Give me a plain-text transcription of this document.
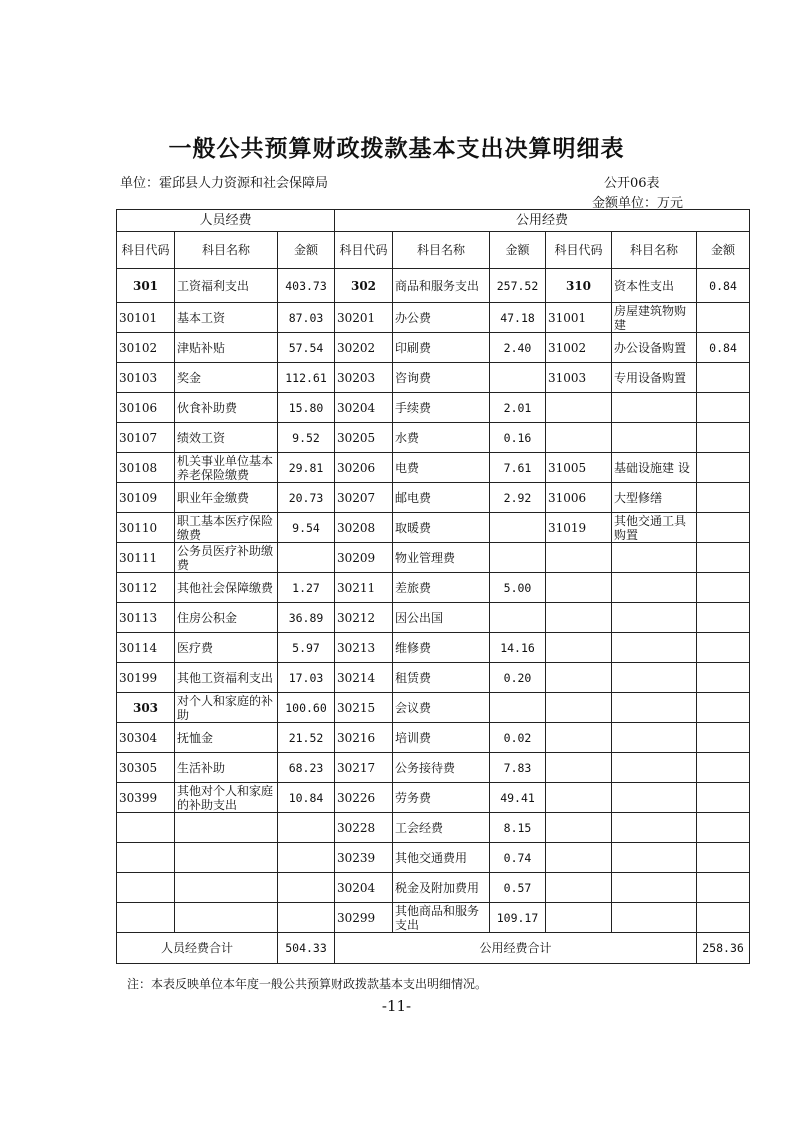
一般公共预算财政拨款基本支出决算明细表
单位：霍邱县人力资源和社会保障局	公开06表
金额单位：万元
人员经费			公用经费					
科目代码	科目名称	金额	科目代码	科目名称	金额	科目代码	科目名称	金额
301	工资福利支出	403.73	302	商品和服务支出	257.52	310	资本性支出	0.84
30101	基本工资	87.03	30201	办公费	47.18	31001	房屋建筑物购建	
30102	津贴补贴	57.54	30202	印刷费	2.40	31002	办公设备购置	0.84
30103	奖金	112.61	30203	咨询费		31003	专用设备购置	
30106	伙食补助费	15.80	30204	手续费	2.01			
30107	绩效工资	9.52	30205	水费	0.16			
30108	机关事业单位基本养老保险缴费	29.81	30206	电费	7.61	31005	基础设施建 设	
30109	职业年金缴费	20.73	30207	邮电费	2.92	31006	大型修缮	
30110	职工基本医疗保险缴费	9.54	30208	取暖费		31019	其他交通工具购置	
30111	公务员医疗补助缴费		30209	物业管理费				
30112	其他社会保障缴费	1.27	30211	差旅费	5.00			
30113	住房公积金	36.89	30212	因公出国				
30114	医疗费	5.97	30213	维修费	14.16			
30199	其他工资福利支出	17.03	30214	租赁费	0.20			
303	对个人和家庭的补助	100.60	30215	会议费				
30304	抚恤金	21.52	30216	培训费	0.02			
30305	生活补助	68.23	30217	公务接待费	7.83			
30399	其他对个人和家庭的补助支出	10.84	30226	劳务费	49.41			
			30228	工会经费	8.15			
			30239	其他交通费用	0.74			
			30204	税金及附加费用	0.57			
			30299	其他商品和服务支出	109.17			
人员经费合计		504.33	公用经费合计					258.36
注：本表反映单位本年度一般公共预算财政拨款基本支出明细情况。
-11-
